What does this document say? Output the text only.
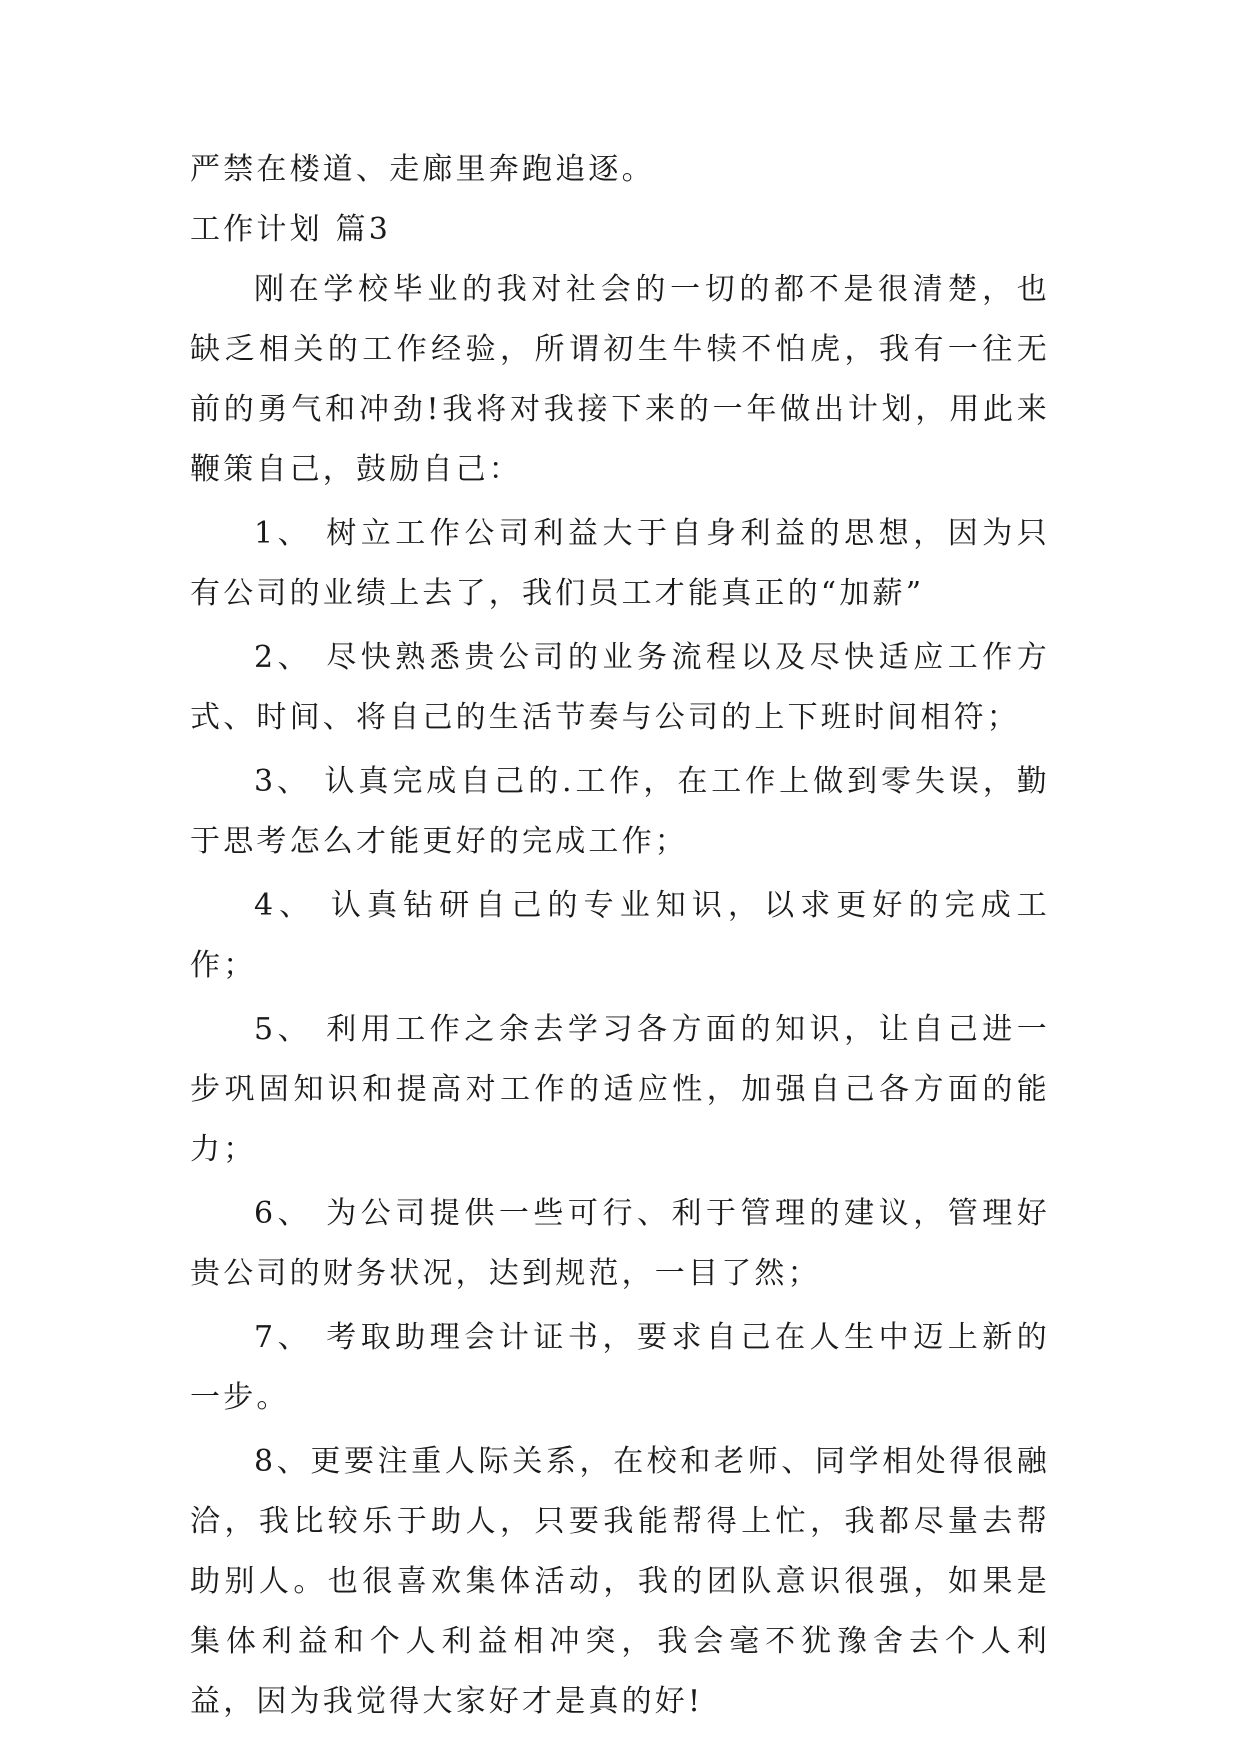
严禁在楼道、走廊里奔跑追逐。

工作计划 篇3

刚在学校毕业的我对社会的一切的都不是很清楚，也缺乏相关的工作经验，所谓初生牛犊不怕虎，我有一往无前的勇气和冲劲!我将对我接下来的一年做出计划，用此来鞭策自己，鼓励自己：

1、 树立工作公司利益大于自身利益的思想，因为只有公司的业绩上去了，我们员工才能真正的“加薪”

2、 尽快熟悉贵公司的业务流程以及尽快适应工作方式、时间、将自己的生活节奏与公司的上下班时间相符；

3、 认真完成自己的.工作，在工作上做到零失误，勤于思考怎么才能更好的完成工作；

4、 认真钻研自己的专业知识，以求更好的完成工作；

5、 利用工作之余去学习各方面的知识，让自己进一步巩固知识和提高对工作的适应性，加强自己各方面的能力；

6、 为公司提供一些可行、利于管理的建议，管理好贵公司的财务状况，达到规范，一目了然；

7、 考取助理会计证书，要求自己在人生中迈上新的一步。

8、更要注重人际关系，在校和老师、同学相处得很融洽，我比较乐于助人，只要我能帮得上忙，我都尽量去帮助别人。也很喜欢集体活动，我的团队意识很强，如果是集体利益和个人利益相冲突，我会毫不犹豫舍去个人利益，因为我觉得大家好才是真的好!
